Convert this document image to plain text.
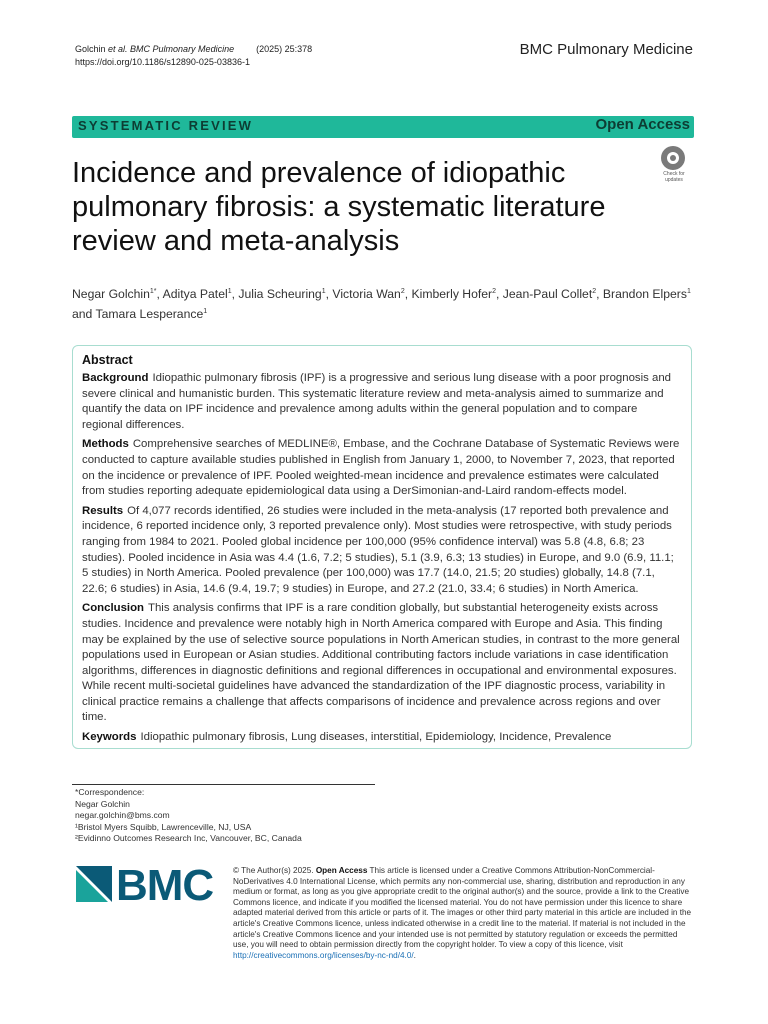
Golchin et al. BMC Pulmonary Medicine (2025) 25:378
https://doi.org/10.1186/s12890-025-03836-1
BMC Pulmonary Medicine
SYSTEMATIC REVIEW	Open Access
Check for
updates
Incidence and prevalence of idiopathic pulmonary fibrosis: a systematic literature review and meta-analysis
Negar Golchin$^{1*}$, Aditya Patel$^1$, Julia Scheuring$^1$, Victoria Wan$^2$, Kimberly Hofer$^2$, Jean-Paul Collet$^2$, Brandon Elpers$^1$
and Tamara Lesperance$^1$
Abstract

Background Idiopathic pulmonary fibrosis (IPF) is a progressive and serious lung disease with a poor prognosis and severe clinical and humanistic burden. This systematic literature review and meta-analysis aimed to summarize and quantify the data on IPF incidence and prevalence among adults within the general population and to compare regional differences.

Methods Comprehensive searches of MEDLINE®, Embase, and the Cochrane Database of Systematic Reviews were conducted to capture available studies published in English from January 1, 2000, to November 7, 2023, that reported on the incidence or prevalence of IPF. Pooled weighted-mean incidence and prevalence estimates were calculated from studies reporting adequate epidemiological data using a DerSimonian-and-Laird random-effects model.

Results Of 4,077 records identified, 26 studies were included in the meta-analysis (17 reported both prevalence and incidence, 6 reported incidence only, 3 reported prevalence only). Most studies were retrospective, with study periods ranging from 1984 to 2021. Pooled global incidence per 100,000 (95% confidence interval) was 5.8 (4.8, 6.8; 23 studies). Pooled incidence in Asia was 4.4 (1.6, 7.2; 5 studies), 5.1 (3.9, 6.3; 13 studies) in Europe, and 9.0 (6.9, 11.1; 5 studies) in North America. Pooled prevalence (per 100,000) was 17.7 (14.0, 21.5; 20 studies) globally, 14.8 (7.1, 22.6; 6 studies) in Asia, 14.6 (9.4, 19.7; 9 studies) in Europe, and 27.2 (21.0, 33.4; 6 studies) in North America.

Conclusion This analysis confirms that IPF is a rare condition globally, but substantial heterogeneity exists across studies. Incidence and prevalence were notably high in North America compared with Europe and Asia. This finding may be explained by the use of selective source populations in North American studies, in contrast to the more general populations used in European or Asian studies. Additional contributing factors include variations in case identification algorithms, differences in diagnostic definitions and regional differences in occupational and environmental exposures. While recent multi-societal guidelines have advanced the standardization of the IPF diagnostic process, variability in clinical practice remains a challenge that affects comparisons of incidence and prevalence across regions and over time.

Keywords Idiopathic pulmonary fibrosis, Lung diseases, interstitial, Epidemiology, Incidence, Prevalence

*Correspondence:
Negar Golchin
negar.golchin@bms.com
¹Bristol Myers Squibb, Lawrenceville, NJ, USA
²Evidinno Outcomes Research Inc, Vancouver, BC, Canada
BMC © The Author(s) 2025. Open Access This article is licensed under a Creative Commons Attribution-NonCommercial-NoDerivatives 4.0 International License, which permits any non-commercial use, sharing, distribution and reproduction in any medium or format, as long as you give appropriate credit to the original author(s) and the source, provide a link to the Creative Commons licence, and indicate if you modified the licensed material. You do not have permission under this licence to share adapted material derived from this article or parts of it. The images or other third party material in this article are included in the article's Creative Commons licence, unless indicated otherwise in a credit line to the material. If material is not included in the article's Creative Commons licence and your intended use is not permitted by statutory regulation or exceeds the permitted use, you will need to obtain permission directly from the copyright holder. To view a copy of this licence, visit http://creativecommons.org/licenses/by-nc-nd/4.0/.
